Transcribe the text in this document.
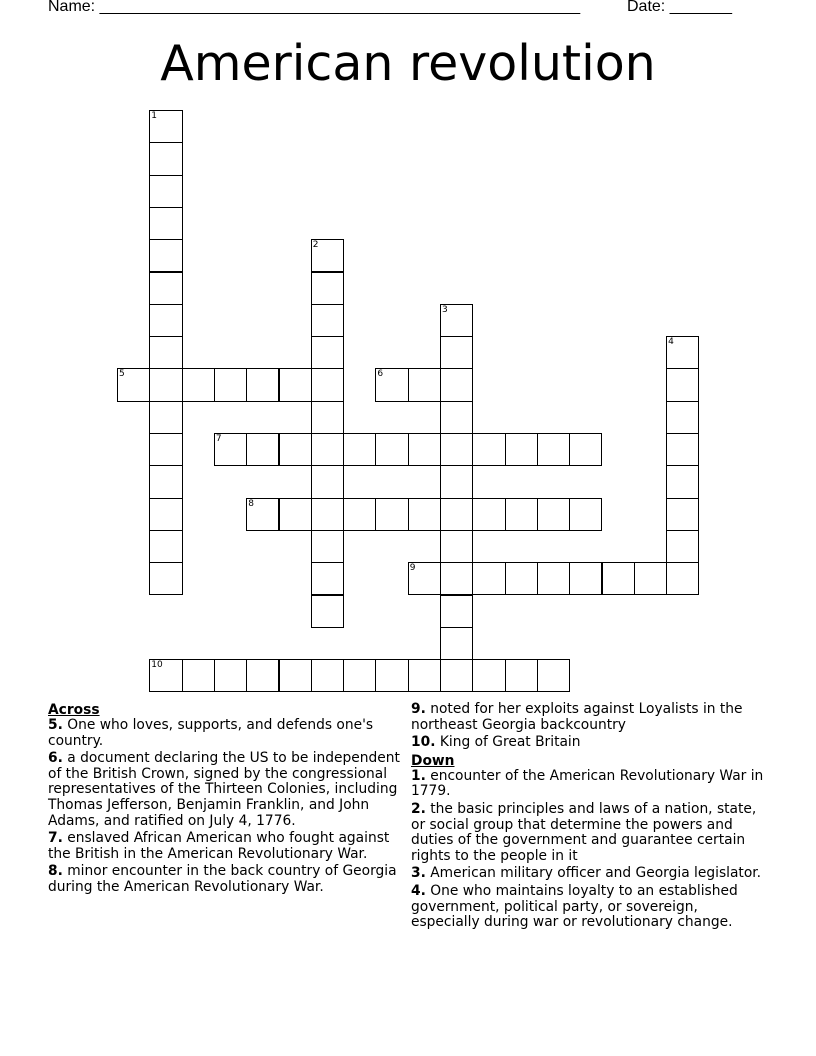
Name: ______________________________________________________	Date: _______
American revolution
1
2
3
4
5	6
7
8
9
10
Across
5. One who loves, supports, and defends one's country.
6. a document declaring the US to be independent of the British Crown, signed by the congressional representatives of the Thirteen Colonies, including Thomas Jefferson, Benjamin Franklin, and John Adams, and ratified on July 4, 1776.
7. enslaved African American who fought against the British in the American Revolutionary War.
8. minor encounter in the back country of Georgia during the American Revolutionary War.
9. noted for her exploits against Loyalists in the northeast Georgia backcountry
10. King of Great Britain
Down
1. encounter of the American Revolutionary War in 1779.
2. the basic principles and laws of a nation, state, or social group that determine the powers and duties of the government and guarantee certain rights to the people in it
3. American military officer and Georgia legislator.
4. One who maintains loyalty to an established government, political party, or sovereign, especially during war or revolutionary change.
